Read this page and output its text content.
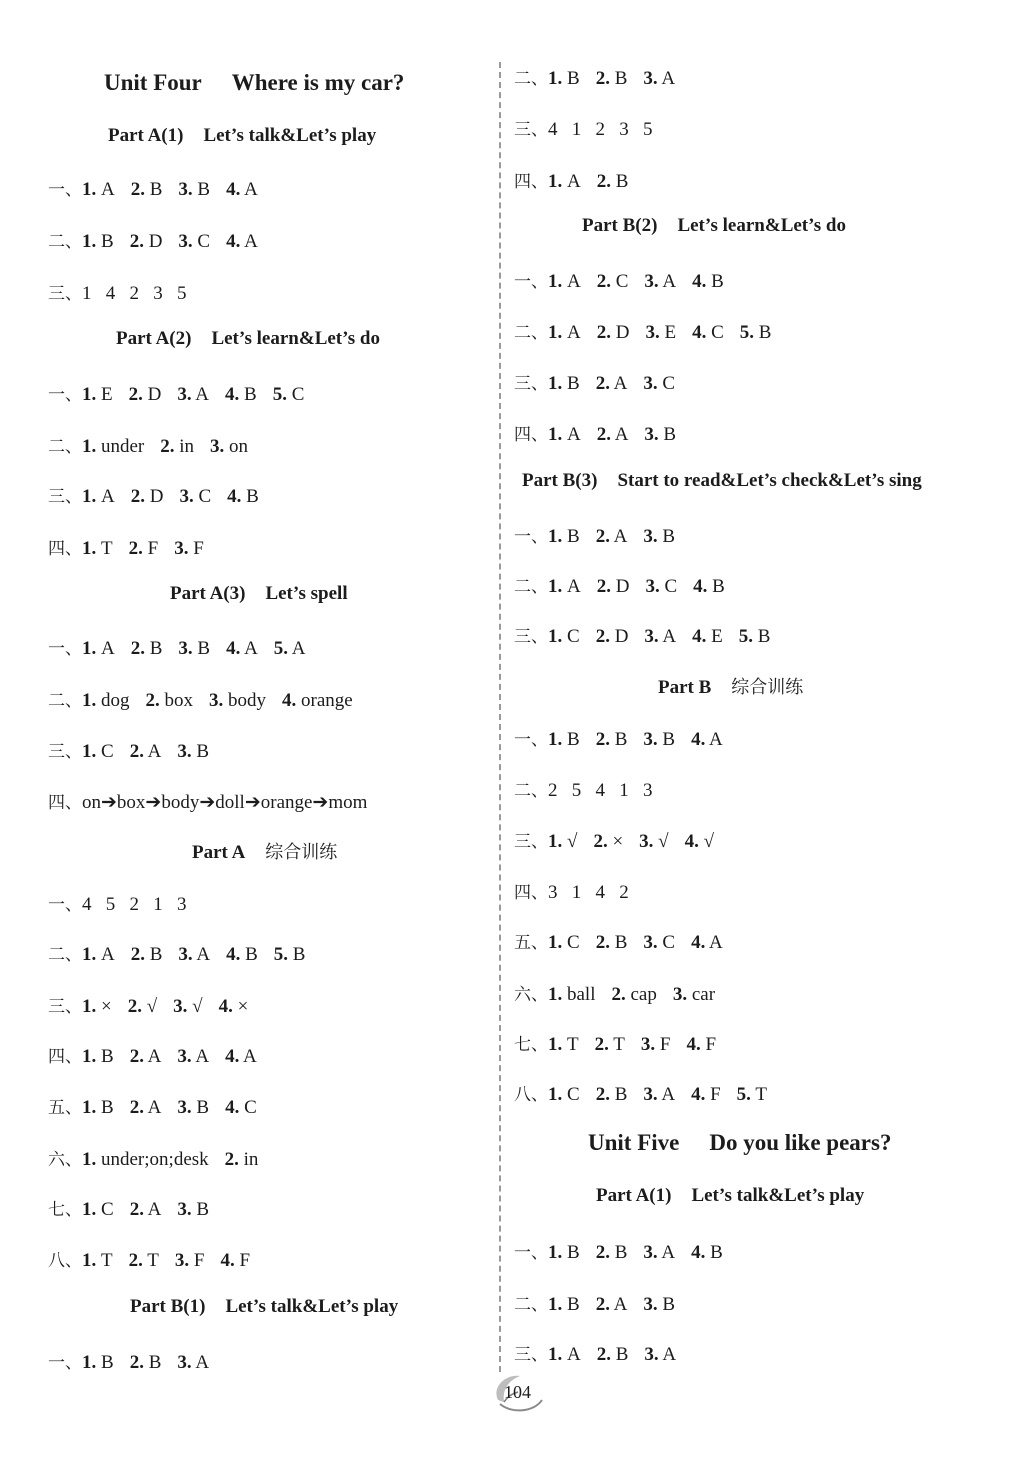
Unit Four Where is my car?
Part A(1) Let’s talk&Let’s play
一、1. A 2. B 3. B 4. A
二、1. B 2. D 3. C 4. A
三、1   4   2   3   5
Part A(2) Let’s learn&Let’s do
一、1. E 2. D 3. A 4. B 5. C
二、1. under 2. in 3. on
三、1. A 2. D 3. C 4. B
四、1. T 2. F 3. F
Part A(3) Let’s spell
一、1. A 2. B 3. B 4. A 5. A
二、1. dog 2. box 3. body 4. orange
三、1. C 2. A 3. B
四、on➔box➔body➔doll➔orange➔mom
Part A 综合训练
一、4   5   2   1   3
二、1. A 2. B 3. A 4. B 5. B
三、1. × 2. √ 3. √ 4. ×
四、1. B 2. A 3. A 4. A
五、1. B 2. A 3. B 4. C
六、1. under;on;desk 2. in
七、1. C 2. A 3. B
八、1. T 2. T 3. F 4. F
Part B(1) Let’s talk&Let’s play
一、1. B 2. B 3. A
二、1. B 2. B 3. A
三、4   1   2   3   5
四、1. A 2. B
Part B(2) Let’s learn&Let’s do
一、1. A 2. C 3. A 4. B
二、1. A 2. D 3. E 4. C 5. B
三、1. B 2. A 3. C
四、1. A 2. A 3. B
Part B(3) Start to read&Let’s check&Let’s sing
一、1. B 2. A 3. B
二、1. A 2. D 3. C 4. B
三、1. C 2. D 3. A 4. E 5. B
Part B 综合训练
一、1. B 2. B 3. B 4. A
二、2   5   4   1   3
三、1. √ 2. × 3. √ 4. √
四、3   1   4   2
五、1. C 2. B 3. C 4. A
六、1. ball 2. cap 3. car
七、1. T 2. T 3. F 4. F
八、1. C 2. B 3. A 4. F 5. T
Unit Five Do you like pears?
Part A(1) Let’s talk&Let’s play
一、1. B 2. B 3. A 4. B
二、1. B 2. A 3. B
三、1. A 2. B 3. A
104
